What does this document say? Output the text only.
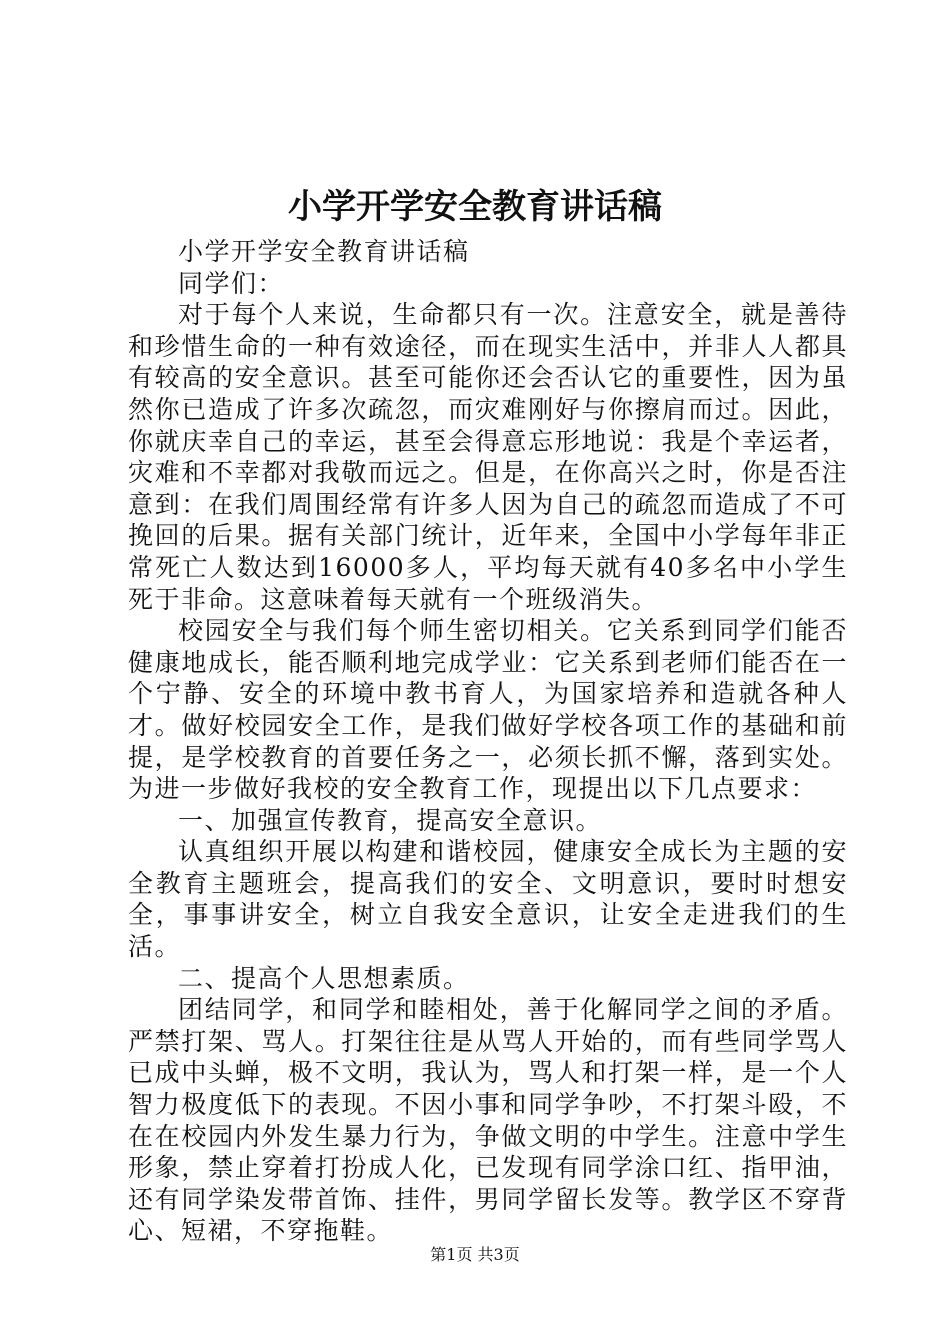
小学开学安全教育讲话稿

小学开学安全教育讲话稿

同学们：

对于每个人来说，生命都只有一次。注意安全，就是善待和珍惜生命的一种有效途径，而在现实生活中，并非人人都具有较高的安全意识。甚至可能你还会否认它的重要性，因为虽然你已造成了许多次疏忽，而灾难刚好与你擦肩而过。因此，你就庆幸自己的幸运，甚至会得意忘形地说：我是个幸运者，灾难和不幸都对我敬而远之。但是，在你高兴之时，你是否注意到：在我们周围经常有许多人因为自己的疏忽而造成了不可挽回的后果。据有关部门统计，近年来，全国中小学每年非正常死亡人数达到16000多人，平均每天就有40多名中小学生死于非命。这意味着每天就有一个班级消失。

校园安全与我们每个师生密切相关。它关系到同学们能否健康地成长，能否顺利地完成学业：它关系到老师们能否在一个宁静、安全的环境中教书育人，为国家培养和造就各种人才。做好校园安全工作，是我们做好学校各项工作的基础和前提，是学校教育的首要任务之一，必须长抓不懈，落到实处。为进一步做好我校的安全教育工作，现提出以下几点要求：

一、加强宣传教育，提高安全意识。

认真组织开展以构建和谐校园，健康安全成长为主题的安全教育主题班会，提高我们的安全、文明意识，要时时想安全，事事讲安全，树立自我安全意识，让安全走进我们的生活。

二、提高个人思想素质。

团结同学，和同学和睦相处，善于化解同学之间的矛盾。严禁打架、骂人。打架往往是从骂人开始的，而有些同学骂人已成中头蝉，极不文明，我认为，骂人和打架一样，是一个人智力极度低下的表现。不因小事和同学争吵，不打架斗殴，不在在校园内外发生暴力行为，争做文明的中学生。注意中学生形象，禁止穿着打扮成人化，已发现有同学涂口红、指甲油，还有同学染发带首饰、挂件，男同学留长发等。教学区不穿背心、短裙，不穿拖鞋。

第1页 共3页
